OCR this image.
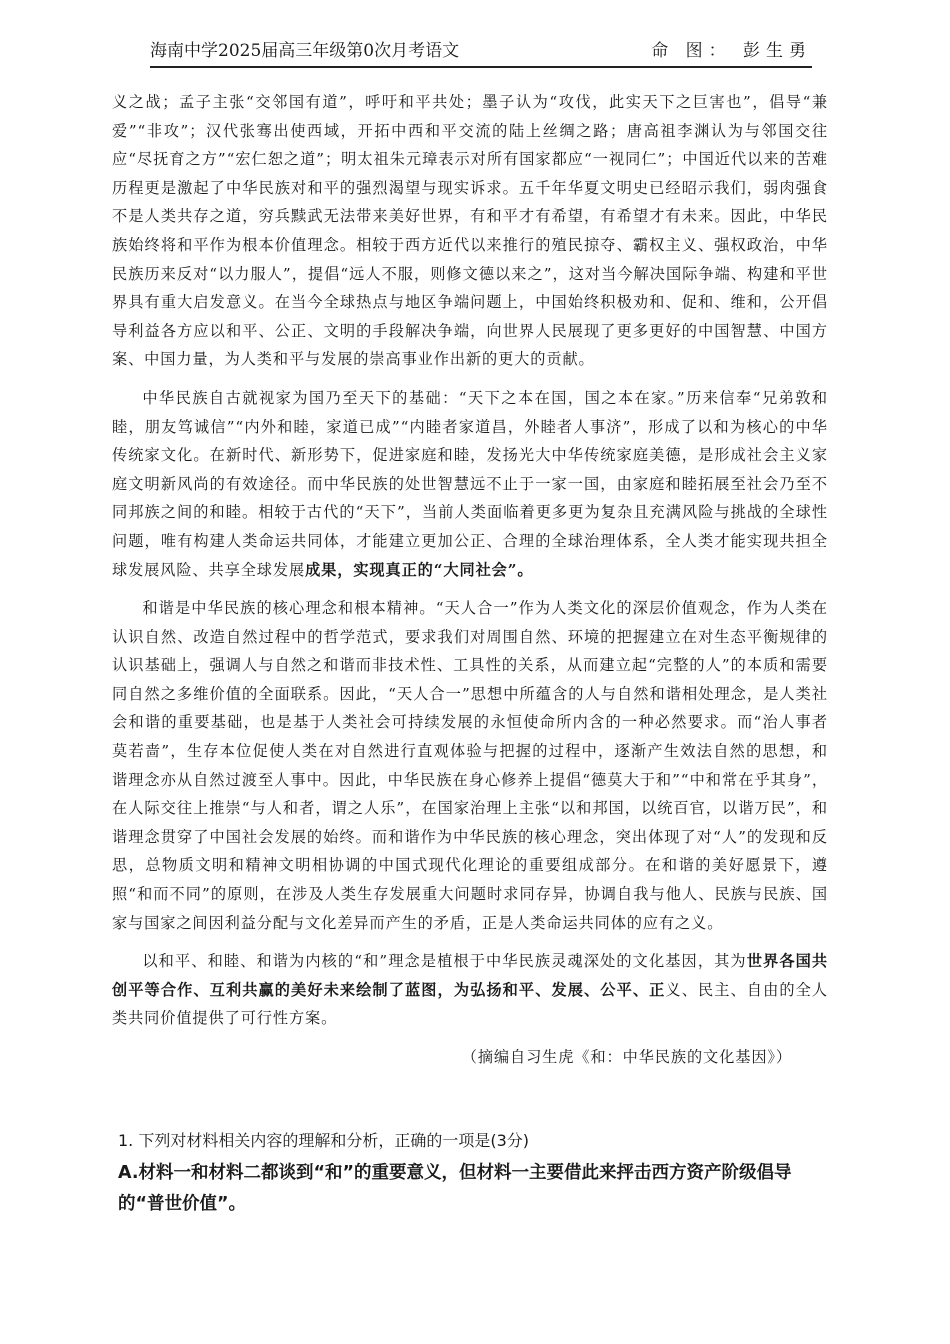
海南中学2025届高三年级第0次月考语文	命 图： 彭生勇

义之战；孟子主张“交邻国有道”，呼吁和平共处；墨子认为“攻伐，此实天下之巨害也”，倡导“兼爱”“非攻”；汉代张骞出使西域，开拓中西和平交流的陆上丝绸之路；唐高祖李渊认为与邻国交往应“尽抚育之方”“宏仁恕之道”；明太祖朱元璋表示对所有国家都应“一视同仁”；中国近代以来的苦难历程更是激起了中华民族对和平的强烈渴望与现实诉求。五千年华夏文明史已经昭示我们，弱肉强食不是人类共存之道，穷兵黩武无法带来美好世界，有和平才有希望，有希望才有未来。因此，中华民族始终将和平作为根本价值理念。相较于西方近代以来推行的殖民掠夺、霸权主义、强权政治，中华民族历来反对“以力服人”，提倡“远人不服，则修文德以来之”，这对当今解决国际争端、构建和平世界具有重大启发意义。在当今全球热点与地区争端问题上，中国始终积极劝和、促和、维和，公开倡导利益各方应以和平、公正、文明的手段解决争端，向世界人民展现了更多更好的中国智慧、中国方案、中国力量，为人类和平与发展的崇高事业作出新的更大的贡献。

中华民族自古就视家为国乃至天下的基础：“天下之本在国，国之本在家。”历来信奉“兄弟敦和睦，朋友笃诚信”“内外和睦，家道已成”“内睦者家道昌，外睦者人事济”，形成了以和为核心的中华传统家文化。在新时代、新形势下，促进家庭和睦，发扬光大中华传统家庭美德，是形成社会主义家庭文明新风尚的有效途径。而中华民族的处世智慧远不止于一家一国，由家庭和睦拓展至社会乃至不同邦族之间的和睦。相较于古代的“天下”，当前人类面临着更多更为复杂且充满风险与挑战的全球性问题，唯有构建人类命运共同体，才能建立更加公正、合理的全球治理体系，全人类才能实现共担全球发展风险、共享全球发展成果，实现真正的“大同社会”。

和谐是中华民族的核心理念和根本精神。“天人合一”作为人类文化的深层价值观念，作为人类在认识自然、改造自然过程中的哲学范式，要求我们对周围自然、环境的把握建立在对生态平衡规律的认识基础上，强调人与自然之和谐而非技术性、工具性的关系，从而建立起“完整的人”的本质和需要同自然之多维价值的全面联系。因此，“天人合一”思想中所蕴含的人与自然和谐相处理念，是人类社会和谐的重要基础，也是基于人类社会可持续发展的永恒使命所内含的一种必然要求。而“治人事者莫若啬”，生存本位促使人类在对自然进行直观体验与把握的过程中，逐渐产生效法自然的思想，和谐理念亦从自然过渡至人事中。因此，中华民族在身心修养上提倡“德莫大于和”“中和常在乎其身”，在人际交往上推崇“与人和者，谓之人乐”，在国家治理上主张“以和邦国，以统百官，以谐万民”，和谐理念贯穿了中国社会发展的始终。而和谐作为中华民族的核心理念，突出体现了对“人”的发现和反思，总物质文明和精神文明相协调的中国式现代化理论的重要组成部分。在和谐的美好愿景下，遵照“和而不同”的原则，在涉及人类生存发展重大问题时求同存异，协调自我与他人、民族与民族、国家与国家之间因利益分配与文化差异而产生的矛盾，正是人类命运共同体的应有之义。

以和平、和睦、和谐为内核的“和”理念是植根于中华民族灵魂深处的文化基因，其为世界各国共创平等合作、互利共赢的美好未来绘制了蓝图，为弘扬和平、发展、公平、正义、民主、自由的全人类共同价值提供了可行性方案。

（摘编自习生虎《和：中华民族的文化基因》）

1. 下列对材料相关内容的理解和分析，正确的一项是(3分)
A.材料一和材料二都谈到“和”的重要意义，但材料一主要借此来抨击西方资产阶级倡导的“普世价值”。
